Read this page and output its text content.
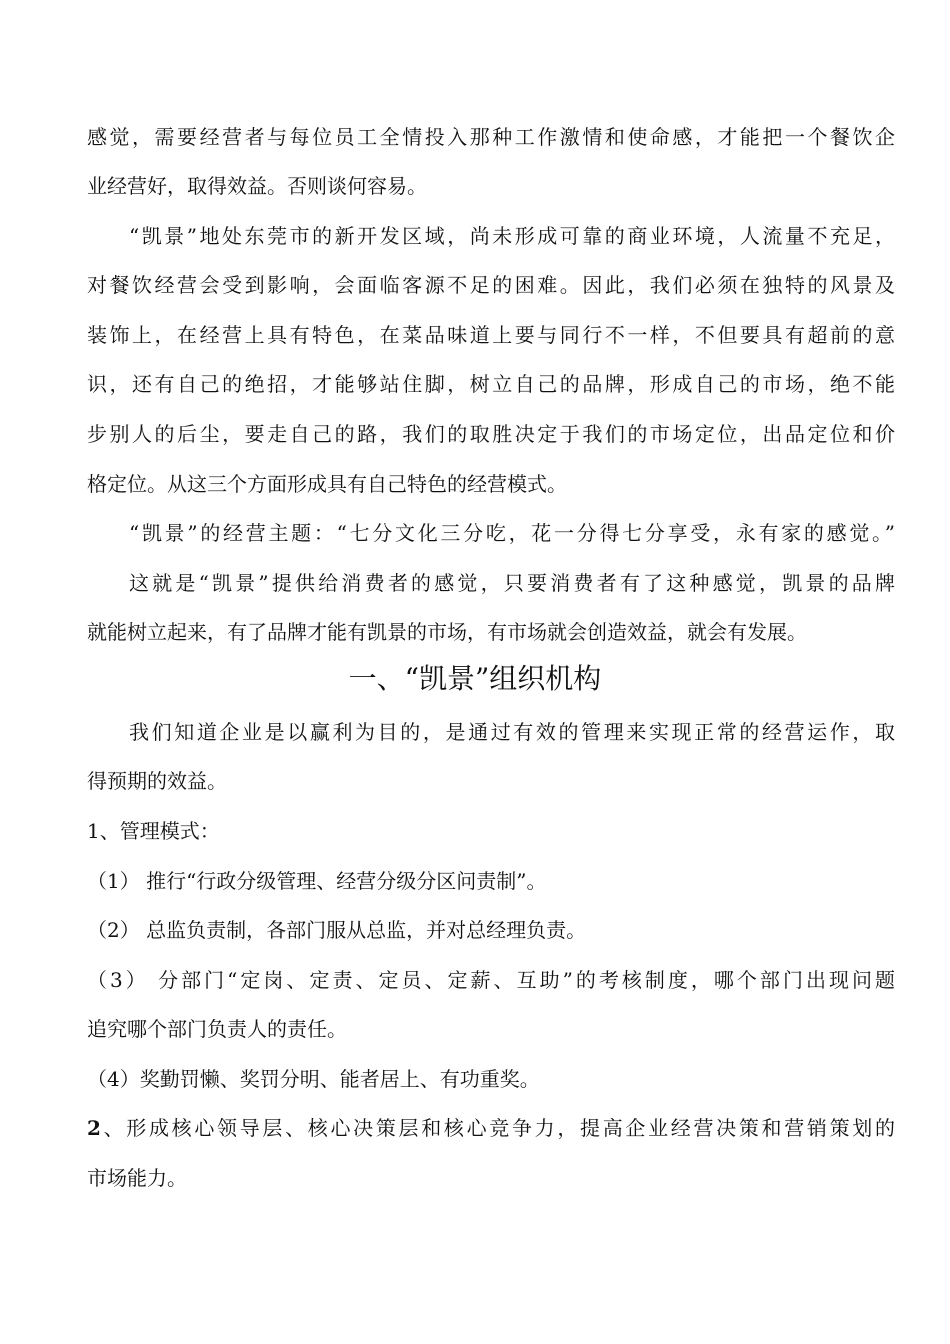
感觉，需要经营者与每位员工全情投入那种工作激情和使命感，才能把一个餐饮企
业经营好，取得效益。否则谈何容易。
“凯景”地处东莞市的新开发区域，尚未形成可靠的商业环境，人流量不充足，
对餐饮经营会受到影响，会面临客源不足的困难。因此，我们必须在独特的风景及
装饰上，在经营上具有特色，在菜品味道上要与同行不一样，不但要具有超前的意
识，还有自己的绝招，才能够站住脚，树立自己的品牌，形成自己的市场，绝不能
步别人的后尘，要走自己的路，我们的取胜决定于我们的市场定位，出品定位和价
格定位。从这三个方面形成具有自己特色的经营模式。
“凯景”的经营主题：“七分文化三分吃，花一分得七分享受，永有家的感觉。”
这就是“凯景”提供给消费者的感觉，只要消费者有了这种感觉，凯景的品牌
就能树立起来，有了品牌才能有凯景的市场，有市场就会创造效益，就会有发展。
一、“凯景”组织机构
我们知道企业是以赢利为目的，是通过有效的管理来实现正常的经营运作，取
得预期的效益。
1、管理模式：
（1） 推行“行政分级管理、经营分级分区问责制”。
（2） 总监负责制，各部门服从总监，并对总经理负责。
（3） 分部门“定岗、定责、定员、定薪、互助”的考核制度，哪个部门出现问题
追究哪个部门负责人的责任。
（4）奖勤罚懒、奖罚分明、能者居上、有功重奖。
2、形成核心领导层、核心决策层和核心竞争力，提高企业经营决策和营销策划的
市场能力。
